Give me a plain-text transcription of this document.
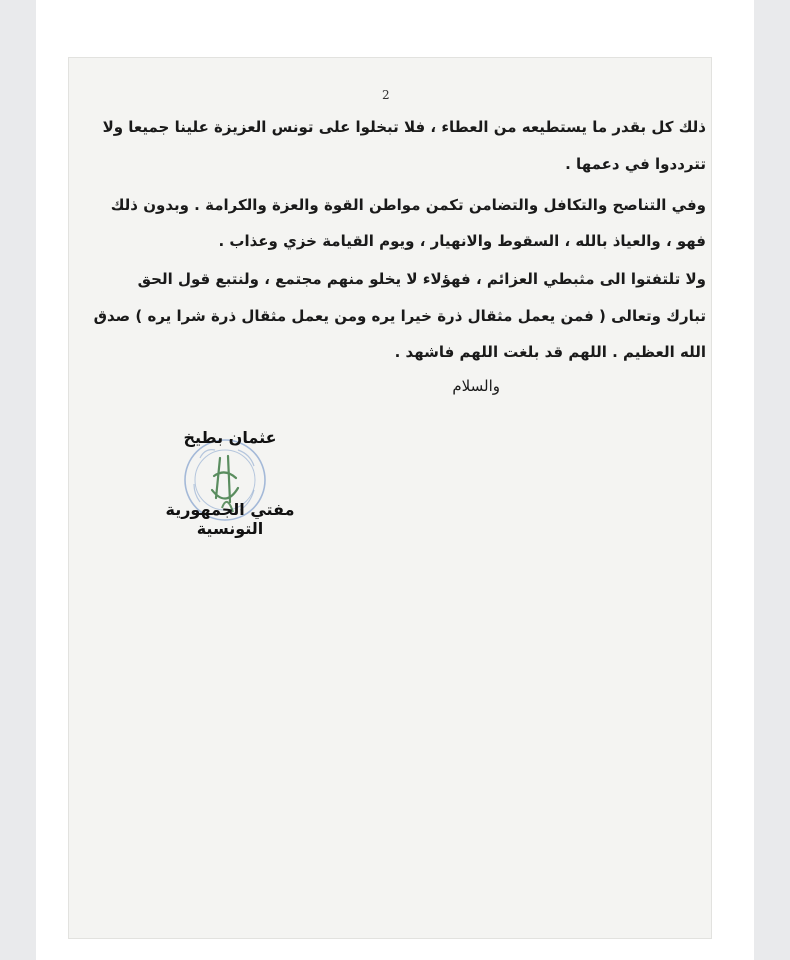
2
ذلك كل بقدر ما يستطيعه من العطاء ، فلا تبخلوا على تونس العزيزة علينا جميعا ولا
تترددوا في دعمها .
وفي التناصح والتكافل والتضامن تكمن مواطن القوة والعزة والكرامة . وبدون ذلك
فهو ، والعياذ بالله ، السقوط والانهيار ، ويوم القيامة خزي وعذاب .
ولا تلتفتوا الى مثبطي العزائم ، فهؤلاء لا يخلو منهم مجتمع ، ولنتبع قول الحق
تبارك وتعالى ( فمن يعمل مثقال ذرة خيرا يره ومن يعمل مثقال ذرة شرا يره ) صدق
الله العظيم . اللهم قد بلغت اللهم فاشهد .
والسلام
عثمان بطيخ
مفتي الجمهورية التونسية
